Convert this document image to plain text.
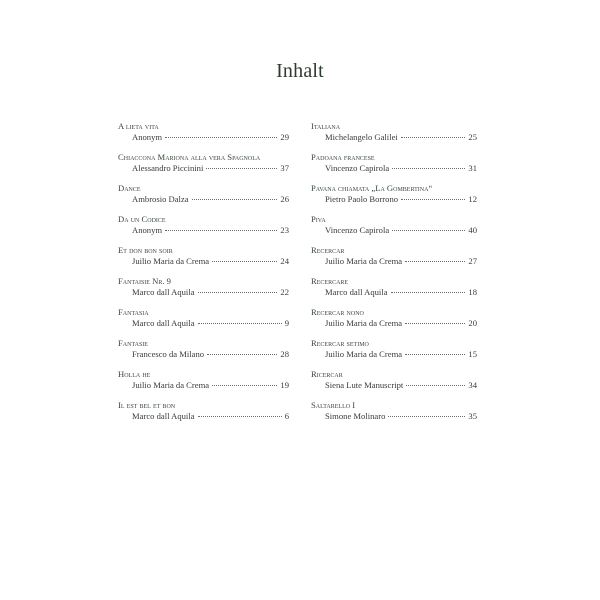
Inhalt
A lieta vita
Anonym	29
Chiaccona Mariona alla vera Spagnola
Alessandro Piccinini	37
Dance
Ambrosio Dalza	26
Da un Codice
Anonym	23
Et don bon soir
Juilio Maria da Crema	24
Fantaisie Nr. 9
Marco dall Aquila	22
Fantasia
Marco dall Aquila	9
Fantasie
Francesco da Milano	28
Holla he
Juilio Maria da Crema	19
Il est bel et bon
Marco dall Aquila	6
Italiana
Michelangelo Galilei	25
Padoana francese
Vincenzo Capirola	31
Pavana chiamata „La Gombertina“
Pietro Paolo Borrono	12
Piva
Vincenzo Capirola	40
Recercar
Juilio Maria da Crema	27
Recercare
Marco dall Aquila	18
Recercar nono
Juilio Maria da Crema	20
Recercar setimo
Juilio Maria da Crema	15
Ricercar
Siena Lute Manuscript	34
Saltarello I
Simone Molinaro	35
